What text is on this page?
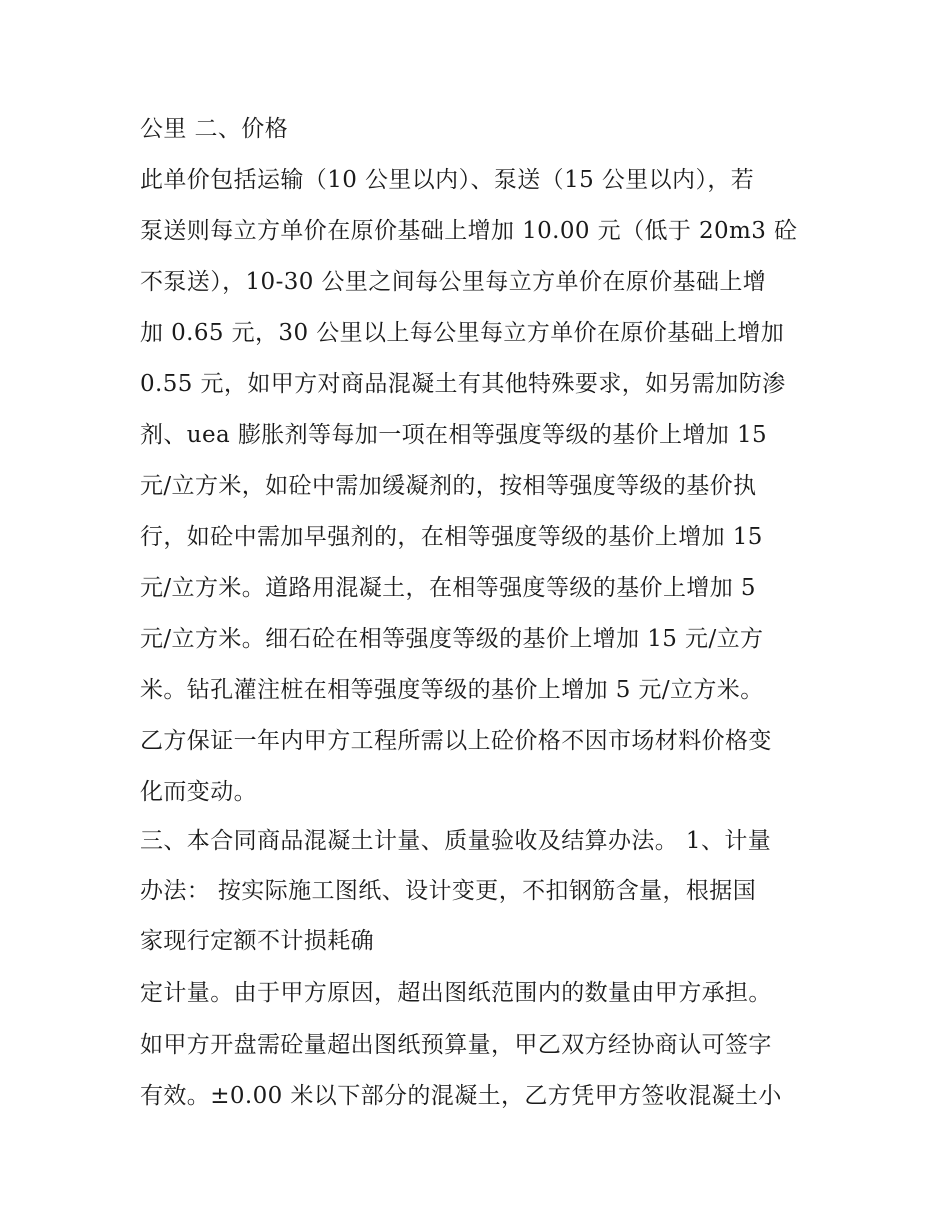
公里 二、价格

此单价包括运输（10 公里以内）、泵送（15 公里以内），若

泵送则每立方单价在原价基础上增加 10.00 元（低于 20m3 砼

不泵送），10-30 公里之间每公里每立方单价在原价基础上增

加 0.65 元，30 公里以上每公里每立方单价在原价基础上增加

0.55 元，如甲方对商品混凝土有其他特殊要求，如另需加防渗

剂、uea 膨胀剂等每加一项在相等强度等级的基价上增加 15

元/立方米，如砼中需加缓凝剂的，按相等强度等级的基价执

行，如砼中需加早强剂的，在相等强度等级的基价上增加 15

元/立方米。道路用混凝土，在相等强度等级的基价上增加 5

元/立方米。细石砼在相等强度等级的基价上增加 15 元/立方

米。钻孔灌注桩在相等强度等级的基价上增加 5 元/立方米。

乙方保证一年内甲方工程所需以上砼价格不因市场材料价格变

化而变动。

三、本合同商品混凝土计量、质量验收及结算办法。 1、计量

办法： 按实际施工图纸、设计变更，不扣钢筋含量，根据国

家现行定额不计损耗确

定计量。由于甲方原因，超出图纸范围内的数量由甲方承担。

如甲方开盘需砼量超出图纸预算量，甲乙双方经协商认可签字

有效。±0.00 米以下部分的混凝土，乙方凭甲方签收混凝土小
